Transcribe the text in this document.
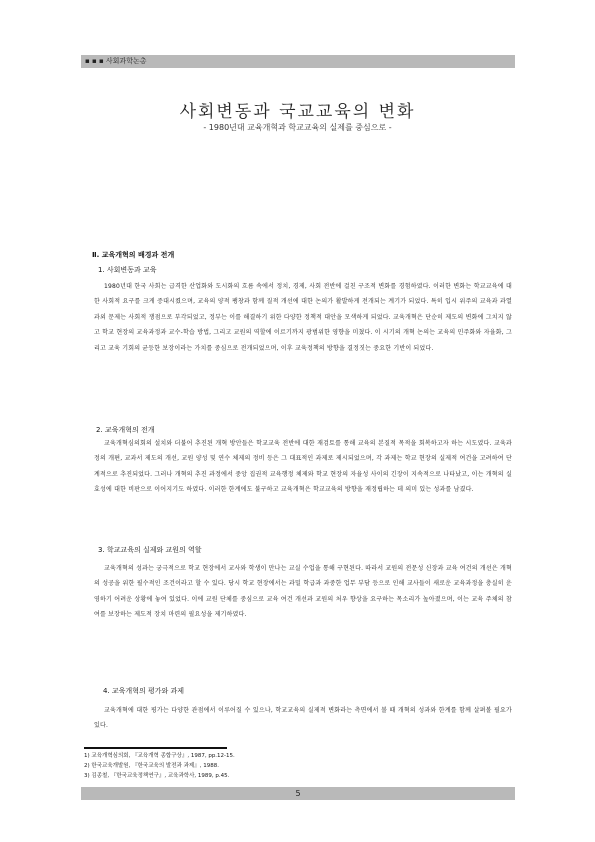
▪ ▪ ▪ 사회과학논총
사회변동과 국교교육의 변화
- 1980년대 교육개혁과 학교교육의 실제를 중심으로 -
Ⅱ. 교육개혁의 배경과 전개
1. 사회변동과 교육
1980년대 한국 사회는 급격한 산업화와 도시화의 흐름 속에서 정치, 경제, 사회 전반에 걸친 구조적 변화를 경험하였다. 이러한 변화는 학교교육에 대한 사회적 요구를 크게 증대시켰으며, 교육의 양적 팽창과 함께 질적 개선에 대한 논의가 활발하게 전개되는 계기가 되었다. 특히 입시 위주의 교육과 과열 과외 문제는 사회적 쟁점으로 부각되었고, 정부는 이를 해결하기 위한 다양한 정책적 대안을 모색하게 되었다. 교육개혁은 단순히 제도의 변화에 그치지 않고 학교 현장의 교육과정과 교수-학습 방법, 그리고 교원의 역할에 이르기까지 광범위한 영향을 미쳤다. 이 시기의 개혁 논의는 교육의 민주화와 자율화, 그리고 교육 기회의 균등한 보장이라는 가치를 중심으로 전개되었으며, 이후 교육정책의 방향을 결정짓는 중요한 기반이 되었다.
2. 교육개혁의 전개
교육개혁심의회의 설치와 더불어 추진된 개혁 방안들은 학교교육 전반에 대한 재검토를 통해 교육의 본질적 목적을 회복하고자 하는 시도였다. 교육과정의 개편, 교과서 제도의 개선, 교원 양성 및 연수 체제의 정비 등은 그 대표적인 과제로 제시되었으며, 각 과제는 학교 현장의 실제적 여건을 고려하여 단계적으로 추진되었다. 그러나 개혁의 추진 과정에서 중앙 집권적 교육행정 체제와 학교 현장의 자율성 사이의 긴장이 지속적으로 나타났고, 이는 개혁의 실효성에 대한 비판으로 이어지기도 하였다. 이러한 한계에도 불구하고 교육개혁은 학교교육의 방향을 재정립하는 데 의미 있는 성과를 남겼다.
3. 학교교육의 실제와 교원의 역할
교육개혁의 성과는 궁극적으로 학교 현장에서 교사와 학생이 만나는 교실 수업을 통해 구현된다. 따라서 교원의 전문성 신장과 교육 여건의 개선은 개혁의 성공을 위한 필수적인 조건이라고 할 수 있다. 당시 학교 현장에서는 과밀 학급과 과중한 업무 부담 등으로 인해 교사들이 새로운 교육과정을 충실히 운영하기 어려운 상황에 놓여 있었다. 이에 교원 단체를 중심으로 교육 여건 개선과 교원의 처우 향상을 요구하는 목소리가 높아졌으며, 이는 교육 주체의 참여를 보장하는 제도적 장치 마련의 필요성을 제기하였다.
4. 교육개혁의 평가와 과제
교육개혁에 대한 평가는 다양한 관점에서 이루어질 수 있으나, 학교교육의 실제적 변화라는 측면에서 볼 때 개혁의 성과와 한계를 함께 살펴볼 필요가 있다.
1) 교육개혁심의회, 『교육개혁 종합구상』, 1987, pp.12-15.
2) 한국교육개발원, 『한국교육의 발전과 과제』, 1988.
3) 김종철, 『한국교육정책연구』, 교육과학사, 1989, p.45.
5
